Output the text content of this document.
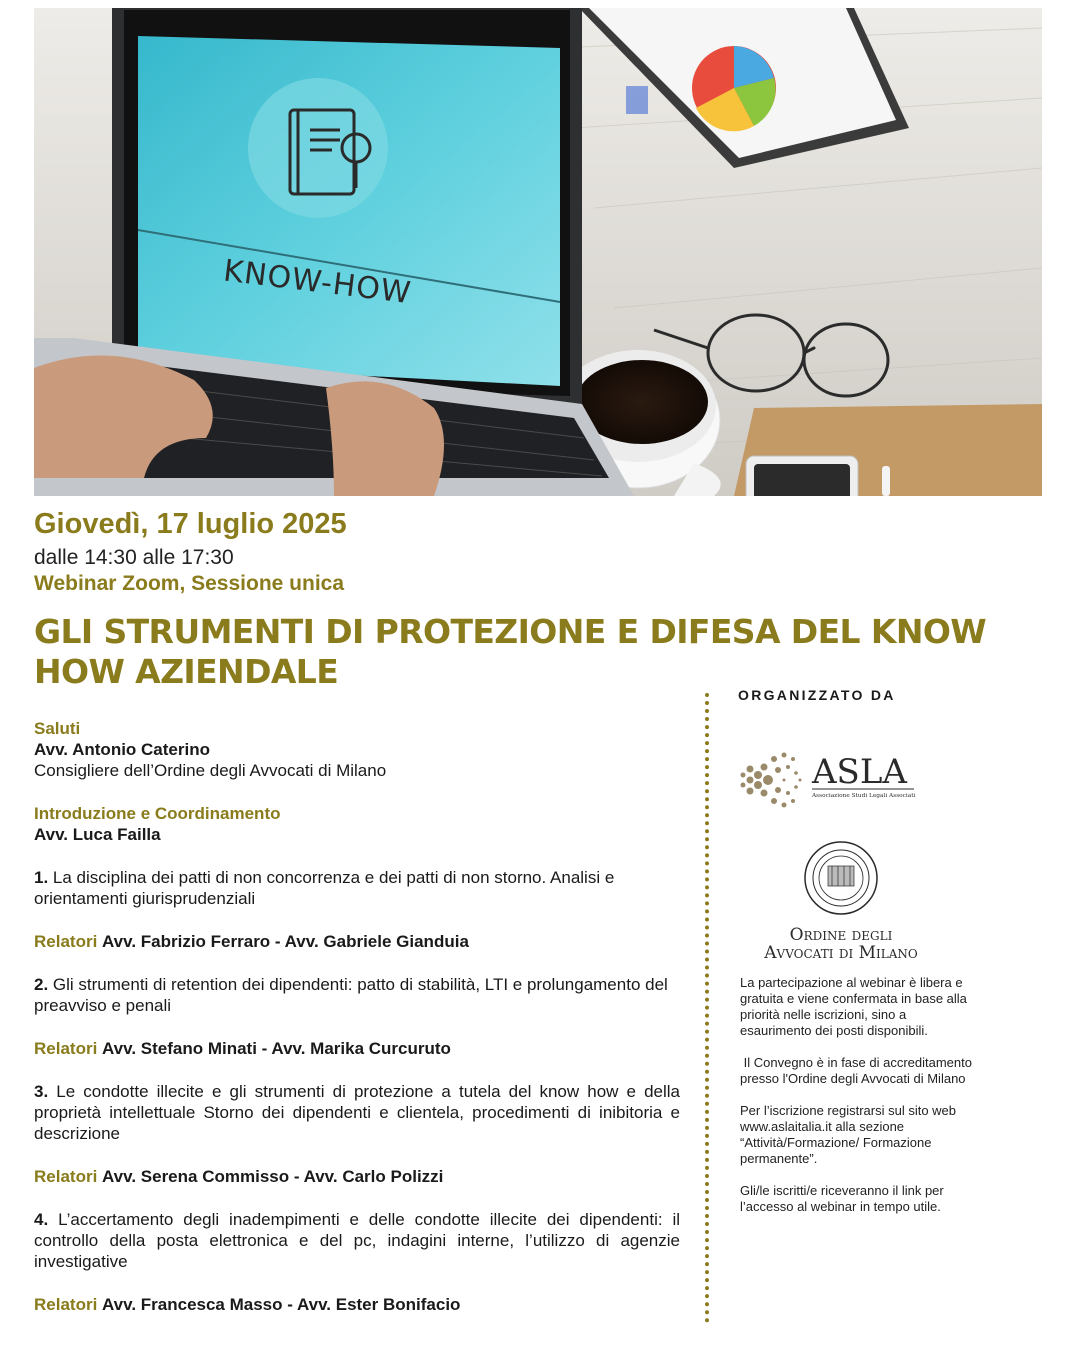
KNOW-HOW
Giovedì, 17 luglio 2025
dalle 14:30 alle 17:30
Webinar Zoom, Sessione unica
GLI STRUMENTI DI PROTEZIONE E DIFESA DEL KNOW HOW AZIENDALE

Saluti

Avv. Antonio Caterino

Consigliere dell’Ordine degli Avvocati di Milano

Introduzione e Coordinamento

Avv. Luca Failla

1. La disciplina dei patti di non concorrenza e dei patti di non storno. Analisi e orientamenti giurisprudenziali

Relatori Avv. Fabrizio Ferraro - Avv. Gabriele Gianduia

2. Gli strumenti di retention dei dipendenti: patto di stabilità, LTI e prolungamento del preavviso e penali

Relatori Avv. Stefano Minati - Avv. Marika Curcuruto

3. Le condotte illecite e gli strumenti di protezione a tutela del know how e della proprietà intellettuale Storno dei dipendenti e clientela, procedimenti di inibitoria e descrizione

Relatori Avv. Serena Commisso - Avv. Carlo Polizzi

4. L’accertamento degli inadempimenti e delle condotte illecite dei dipendenti: il controllo della posta elettronica e del pc, indagini interne, l’utilizzo di agenzie investigative

Relatori Avv. Francesca Masso - Avv. Ester Bonifacio

ORGANIZZATO DA
ASLA
Associazione Studi Legali Associati
Ordine degli
Avvocati di Milano

La partecipazione al webinar è libera e gratuita e viene confermata in base alla priorità nelle iscrizioni, sino a esaurimento dei posti disponibili.

Il Convegno è in fase di accreditamento presso l'Ordine degli Avvocati di Milano

Per l’iscrizione registrarsi sul sito web www.aslaitalia.it alla sezione “Attività/Formazione/ Formazione permanente”.

Gli/le iscritti/e riceveranno il link per l’accesso al webinar in tempo utile.
